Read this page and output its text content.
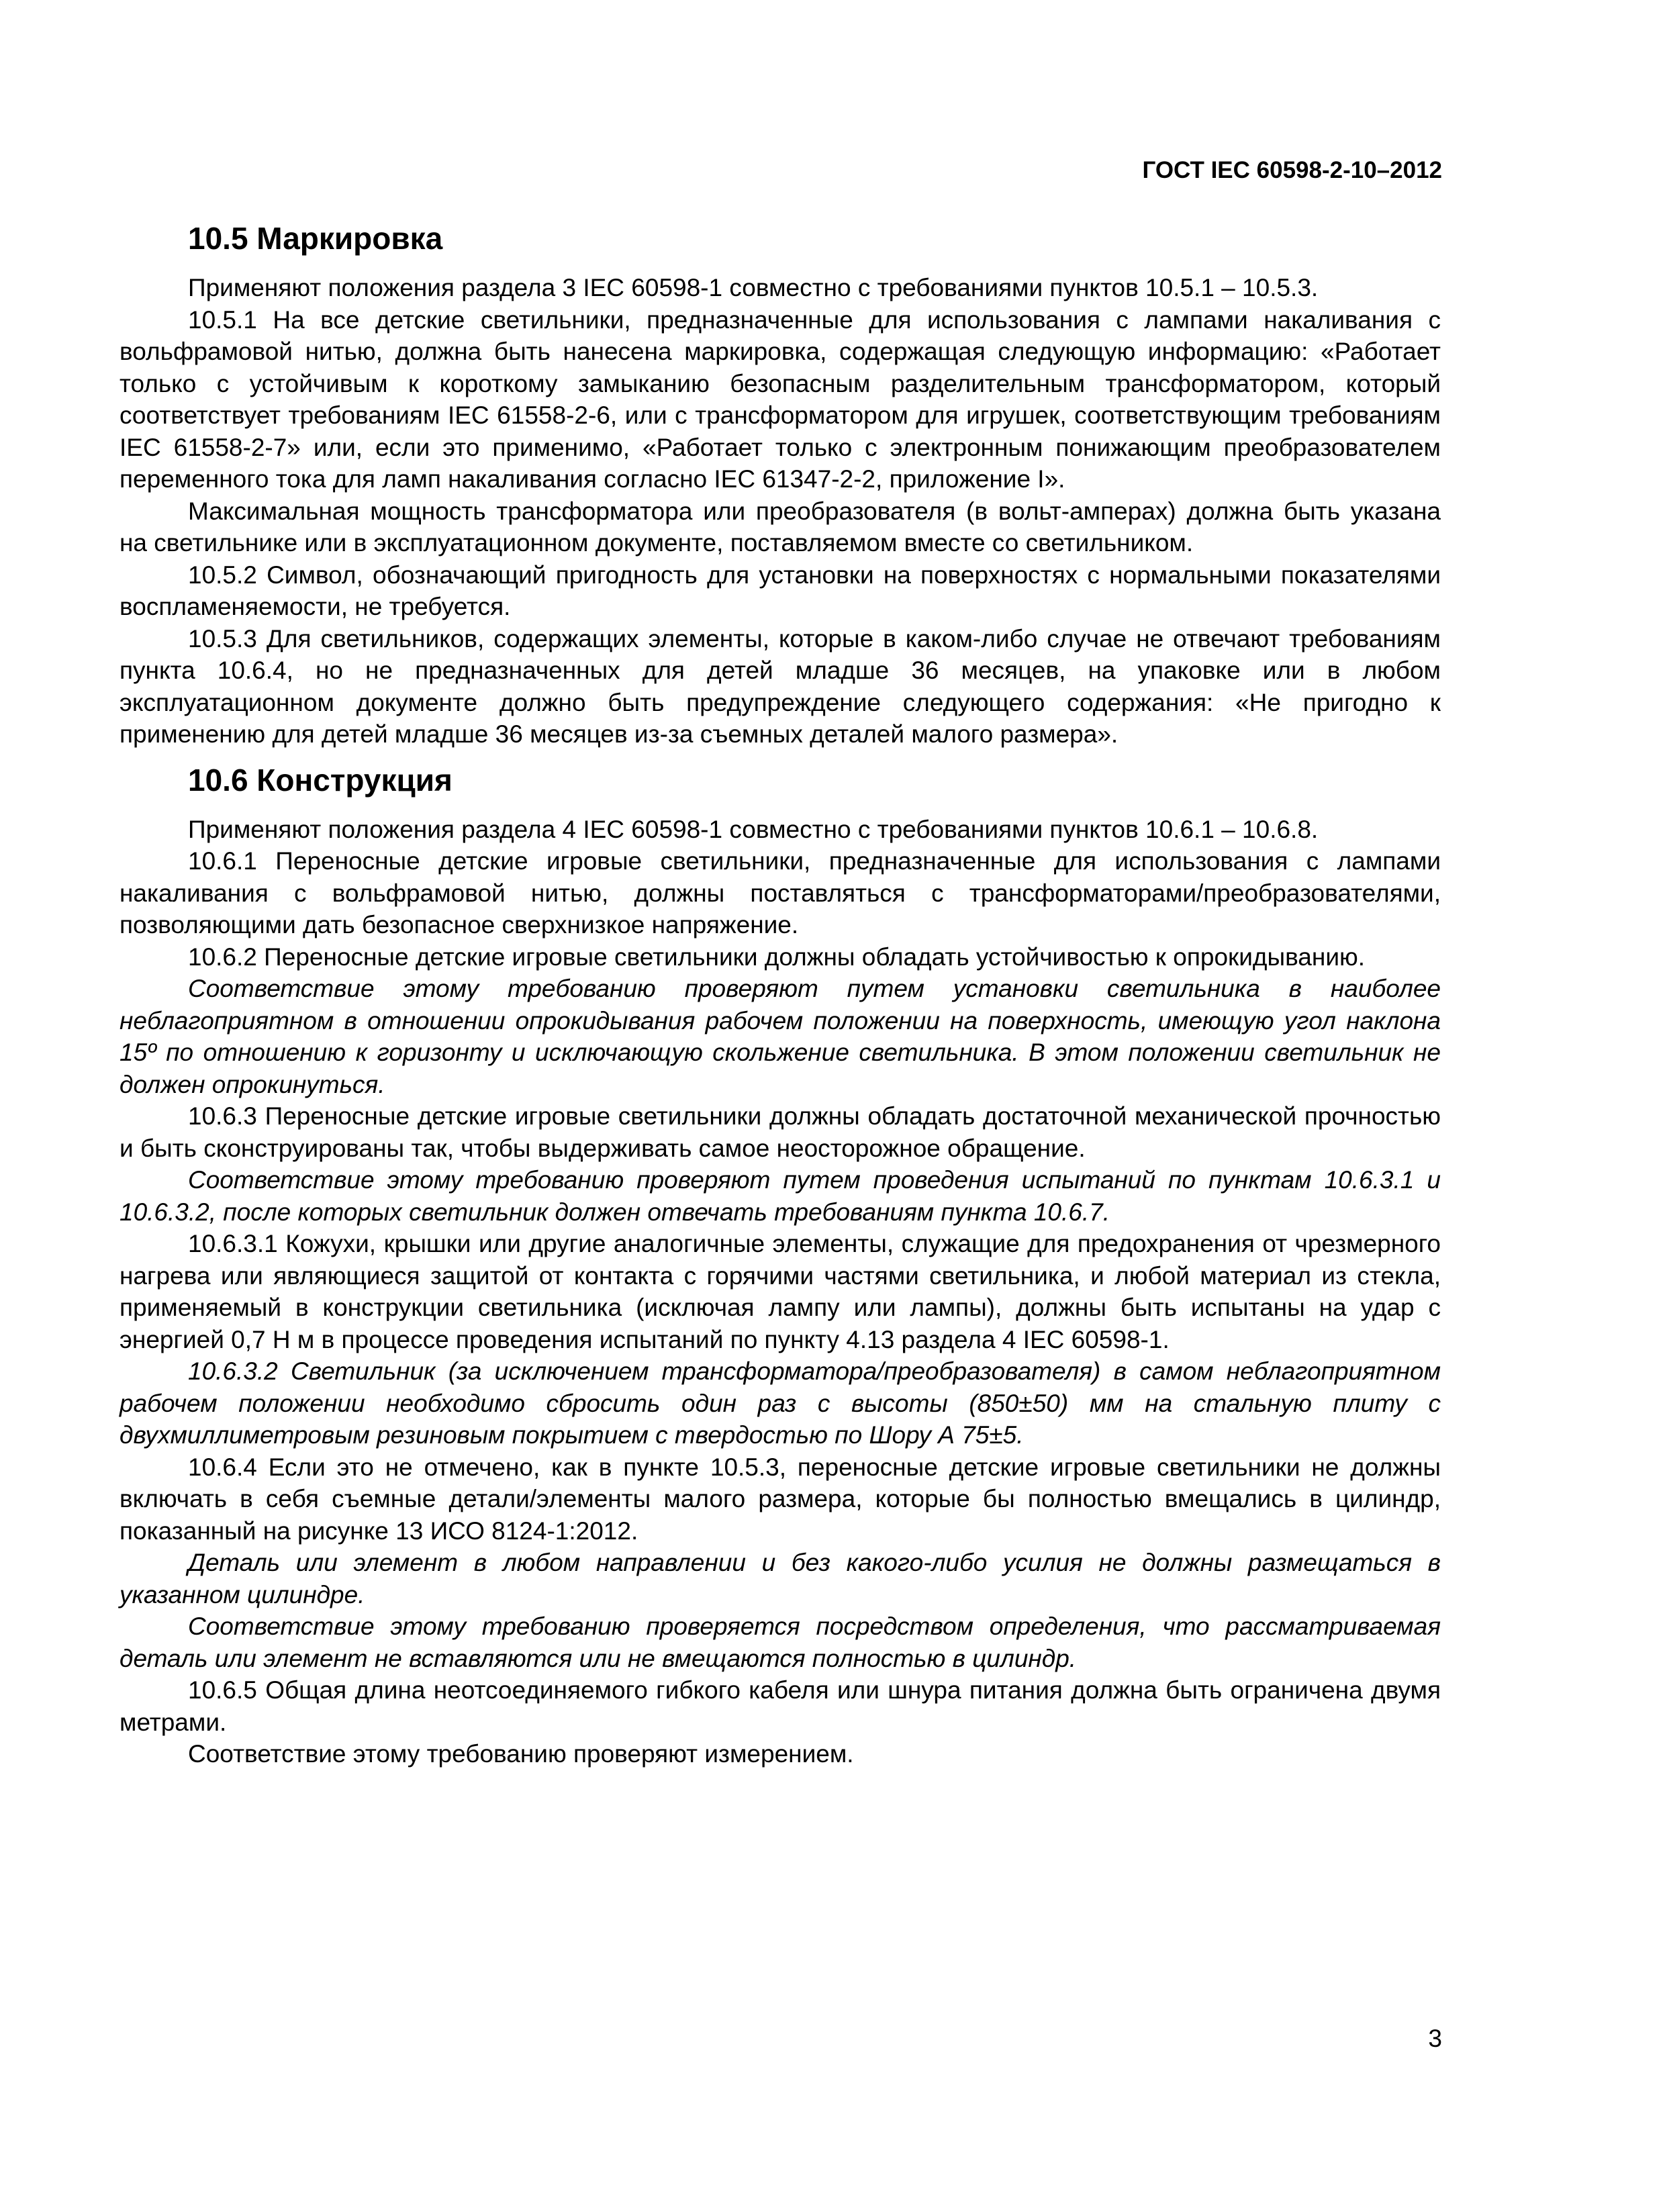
ГОСТ IEC 60598-2-10–2012
10.5 Маркировка

Применяют положения раздела 3 IEC 60598-1 совместно с требованиями пунктов 10.5.1 – 10.5.3.

10.5.1 На все детские светильники, предназначенные для использования с лампами накаливания с вольфрамовой нитью, должна быть нанесена маркировка, содержащая следующую информацию: «Работает только с устойчивым к короткому замыканию безопасным разделительным трансформатором, который соответствует требованиям IEC 61558-2-6, или с трансформатором для игрушек, соответствующим требованиям IEC 61558-2-7» или, если это применимо, «Работает только с электронным понижающим преобразователем переменного тока для ламп накаливания согласно IEC 61347-2-2, приложение I».

Максимальная мощность трансформатора или преобразователя (в вольт-амперах) должна быть указана на светильнике или в эксплуатационном документе, поставляемом вместе со светильником.

10.5.2 Символ, обозначающий пригодность для установки на поверхностях с нормальными показателями воспламеняемости, не требуется.

10.5.3 Для светильников, содержащих элементы, которые в каком-либо случае не отвечают требованиям пункта 10.6.4, но не предназначенных для детей младше 36 месяцев, на упаковке или в любом эксплуатационном документе должно быть предупреждение следующего содержания: «Не пригодно к применению для детей младше 36 месяцев из-за съемных деталей малого размера».

10.6 Конструкция

Применяют положения раздела 4 IEC 60598-1 совместно с требованиями пунктов 10.6.1 – 10.6.8.

10.6.1 Переносные детские игровые светильники, предназначенные для использования с лампами накаливания с вольфрамовой нитью, должны поставляться с трансформаторами/преобразователями, позволяющими дать безопасное сверхнизкое напряжение.

10.6.2 Переносные детские игровые светильники должны обладать устойчивостью к опрокидыванию.

Соответствие этому требованию проверяют путем установки светильника в наиболее неблагоприятном в отношении опрокидывания рабочем положении на поверхность, имеющую угол наклона 15º по отношению к горизонту и исключающую скольжение светильника. В этом положении светильник не должен опрокинуться.

10.6.3 Переносные детские игровые светильники должны обладать достаточной механической прочностью и быть сконструированы так, чтобы выдерживать самое неосторожное обращение.

Соответствие этому требованию проверяют путем проведения испытаний по пунктам 10.6.3.1 и 10.6.3.2, после которых светильник должен отвечать требованиям пункта 10.6.7.

10.6.3.1 Кожухи, крышки или другие аналогичные элементы, служащие для предохранения от чрезмерного нагрева или являющиеся защитой от контакта с горячими частями светильника, и любой материал из стекла, применяемый в конструкции светильника (исключая лампу или лампы), должны быть испытаны на удар с энергией 0,7 Н м в процессе проведения испытаний по пункту 4.13 раздела 4 IEC 60598-1.

10.6.3.2 Светильник (за исключением трансформатора/преобразователя) в самом неблагоприятном рабочем положении необходимо сбросить один раз с высоты (850±50) мм на стальную плиту с двухмиллиметровым резиновым покрытием с твердостью по Шору А 75±5.

10.6.4 Если это не отмечено, как в пункте 10.5.3, переносные детские игровые светильники не должны включать в себя съемные детали/элементы малого размера, которые бы полностью вмещались в цилиндр, показанный на рисунке 13 ИСО 8124-1:2012.

Деталь или элемент в любом направлении и без какого-либо усилия не должны размещаться в указанном цилиндре.

Соответствие этому требованию проверяется посредством определения, что рассматриваемая деталь или элемент не вставляются или не вмещаются полностью в цилиндр.

10.6.5 Общая длина неотсоединяемого гибкого кабеля или шнура питания должна быть ограничена двумя метрами.

Соответствие этому требованию проверяют измерением.

3
